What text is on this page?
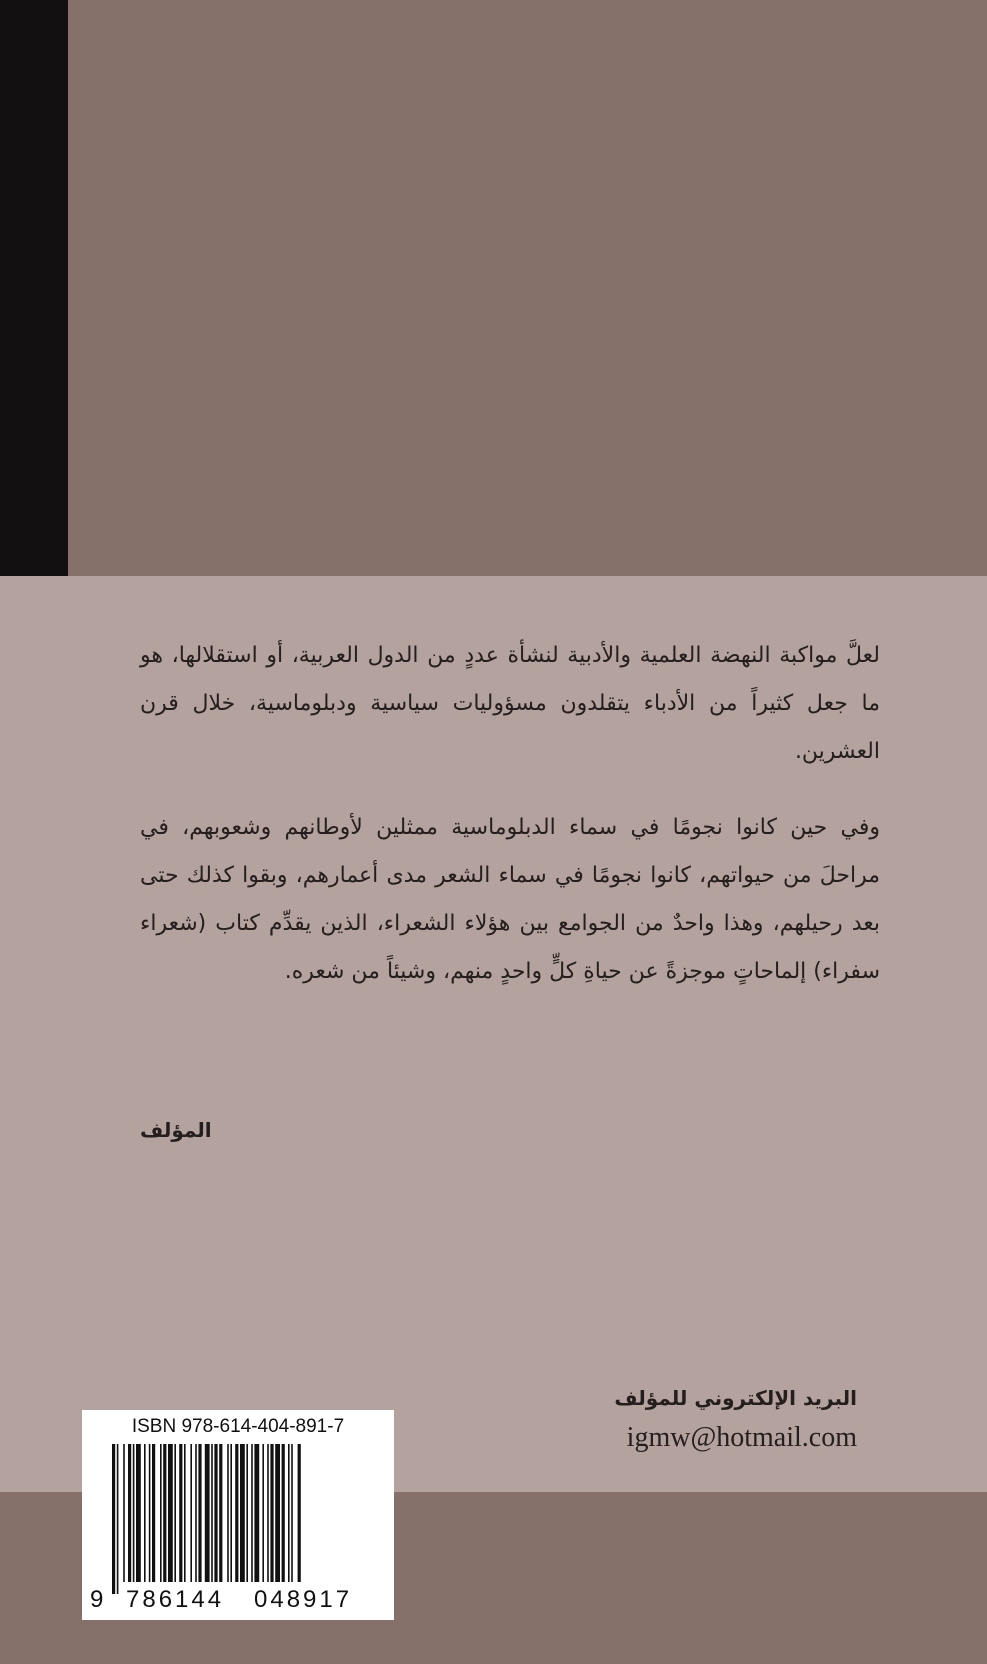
لعلَّ مواكبة النهضة العلمية والأدبية لنشأة عددٍ من الدول العربية، أو استقلالها، هو ما جعل كثيراً من الأدباء يتقلدون مسؤوليات سياسية ودبلوماسية، خلال قرن العشرين.

وفي حين كانوا نجومًا في سماء الدبلوماسية ممثلين لأوطانهم وشعوبهم، في مراحلَ من حيواتهم، كانوا نجومًا في سماء الشعر مدى أعمارهم، وبقوا كذلك حتى بعد رحيلهم، وهذا واحدٌ من الجوامع بين هؤلاء الشعراء، الذين يقدِّم كتاب (شعراء سفراء) إلماحاتٍ موجزةً عن حياةِ كلٍّ واحدٍ منهم، وشيئاً من شعره.

المؤلف
البريد الإلكتروني للمؤلف
igmw@hotmail.com
ISBN 978-614-404-891-7
9 786144 048917
